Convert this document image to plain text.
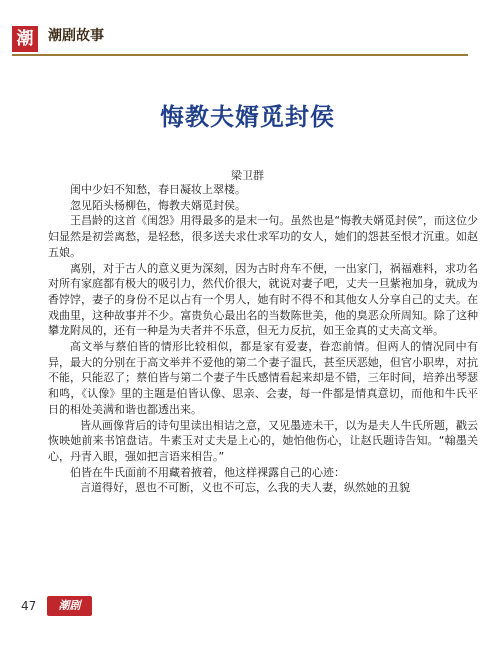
潮	潮剧故事
悔教夫婿觅封侯
梁卫群

闺中少妇不知愁，春日凝妆上翠楼。

忽见陌头杨柳色，悔教夫婿觅封侯。

王昌龄的这首《闺怨》用得最多的是末一句。虽然也是“悔教夫婿觅封侯”，而这位少妇显然是初尝离愁，是轻愁，很多送夫求仕求军功的女人，她们的怨甚至恨才沉重。如赵五娘。

离别，对于古人的意义更为深刻，因为古时舟车不便，一出家门，祸福难料，求功名对所有家庭都有极大的吸引力，然代价很大，就说对妻子吧，丈夫一旦紫袍加身，就成为香饽饽，妻子的身份不足以占有一个男人，她有时不得不和其他女人分享自己的丈夫。在戏曲里，这种故事并不少。富贵负心最出名的当数陈世美，他的臭恶众所周知。除了这种攀龙附凤的，还有一种是为夫者并不乐意，但无力反抗，如王金真的丈夫高文举。

高文举与蔡伯皆的情形比较相似，都是家有爱妻，眷恋前情。但两人的情况同中有异，最大的分别在于高文举并不爱他的第二个妻子温氏，甚至厌恶她，但官小职卑，对抗不能，只能忍了；蔡伯皆与第二个妻子牛氏感情看起来却是不错，三年时间，培养出琴瑟和鸣，《认像》里的主题是伯皆认像、思亲、会妻，每一件都是情真意切，而他和牛氏平日的相处美满和谐也都透出来。

皆从画像背后的诗句里读出相诘之意，又见墨迹未干，以为是夫人牛氏所题，戳云恢映她前来书馆盘诘。牛素玉对丈夫是上心的，她怕他伤心，让赵氏题诗告知。“翰墨关心，丹青入眼，强如把言语来相告。”

伯皆在牛氏面前不用藏着掖着，他这样裸露自己的心迹：

言道得好，恩也不可断，义也不可忘，么我的夫人妻，纵然她的丑貌

47	潮剧
